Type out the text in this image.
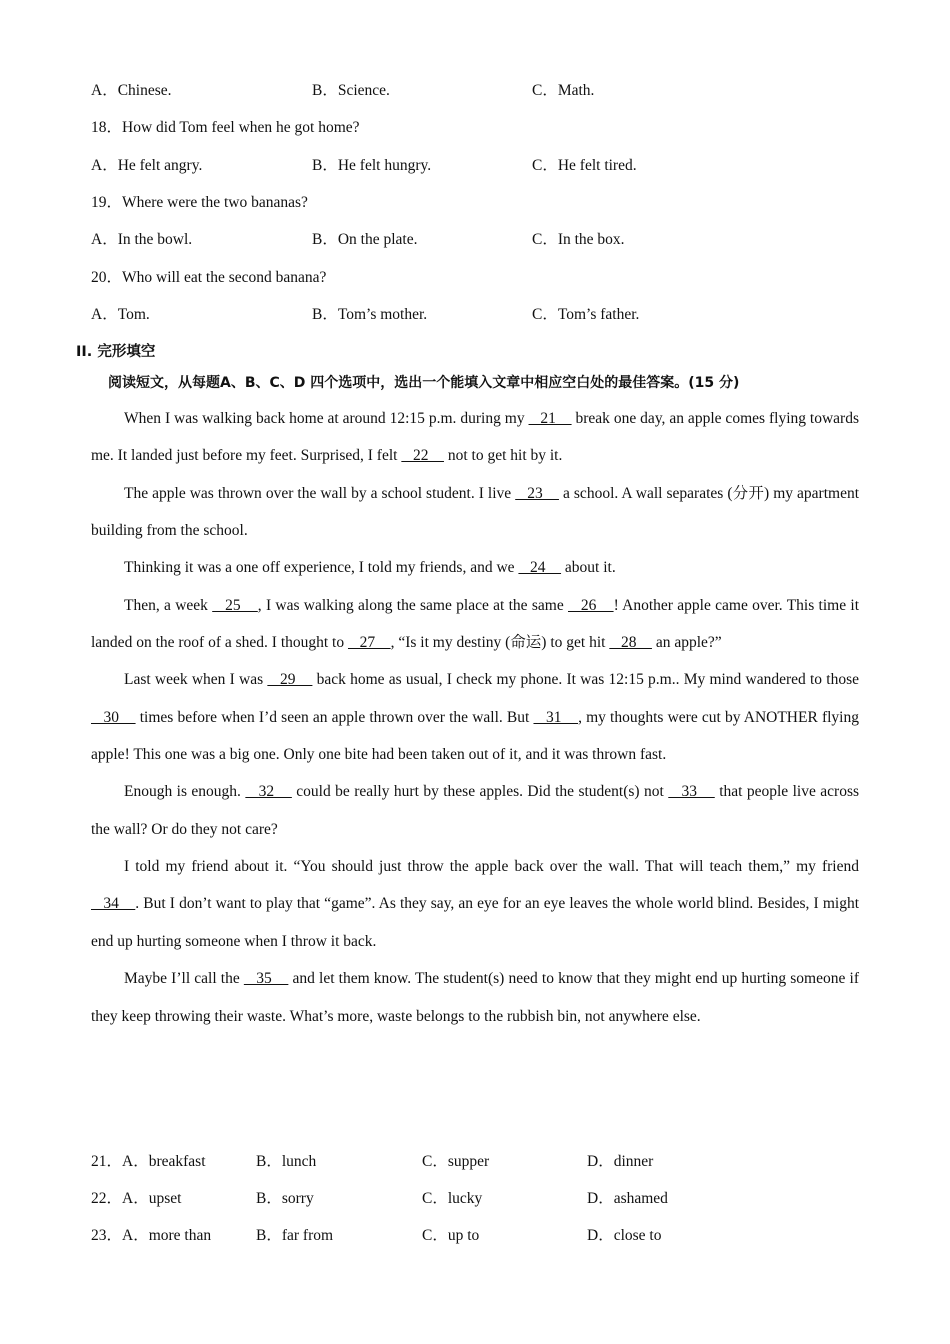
A．Chinese.	B．Science.	C．Math.
18．How did Tom feel when he got home?
A．He felt angry.	B．He felt hungry.	C．He felt tired.
19．Where were the two bananas?
A．In the bowl.	B．On the plate.	C．In the box.
20．Who will eat the second banana?
A．Tom.	B．Tom’s mother.	C．Tom’s father.
II. 完形填空
阅读短文，从每题A、B、C、D 四个选项中，选出一个能填入文章中相应空白处的最佳答案。(15 分)

When I was walking back home at around 12:15 p.m. during my    21     break one day, an apple comes flying towards me. It landed just before my feet. Surprised, I felt    22     not to get hit by it.

The apple was thrown over the wall by a school student. I live    23     a school. A wall separates (分开) my apartment building from the school.

Thinking it was a one off experience, I told my friends, and we    24     about it.

Then, a week    25    , I was walking along the same place at the same    26    ! Another apple came over. This time it landed on the roof of a shed. I thought to    27    , “Is it my destiny (命运) to get hit    28     an apple?”

Last week when I was    29     back home as usual, I check my phone. It was 12:15 p.m.. My mind wandered to those    30     times before when I’d seen an apple thrown over the wall. But    31    , my thoughts were cut by ANOTHER flying apple! This one was a big one. Only one bite had been taken out of it, and it was thrown fast.

Enough is enough.    32     could be really hurt by these apples. Did the student(s) not    33     that people live across the wall? Or do they not care?

I told my friend about it. “You should just throw the apple back over the wall. That will teach them,” my friend    34    . But I don’t want to play that “game”. As they say, an eye for an eye leaves the whole world blind. Besides, I might end up hurting someone when I throw it back.

Maybe I’ll call the    35     and let them know. The student(s) need to know that they might end up hurting someone if they keep throwing their waste. What’s more, waste belongs to the rubbish bin, not anywhere else.

21．A．breakfast	B．lunch	C．supper	D．dinner
22．A．upset	B．sorry	C．lucky	D．ashamed
23．A．more than	B．far from	C．up to	D．close to
